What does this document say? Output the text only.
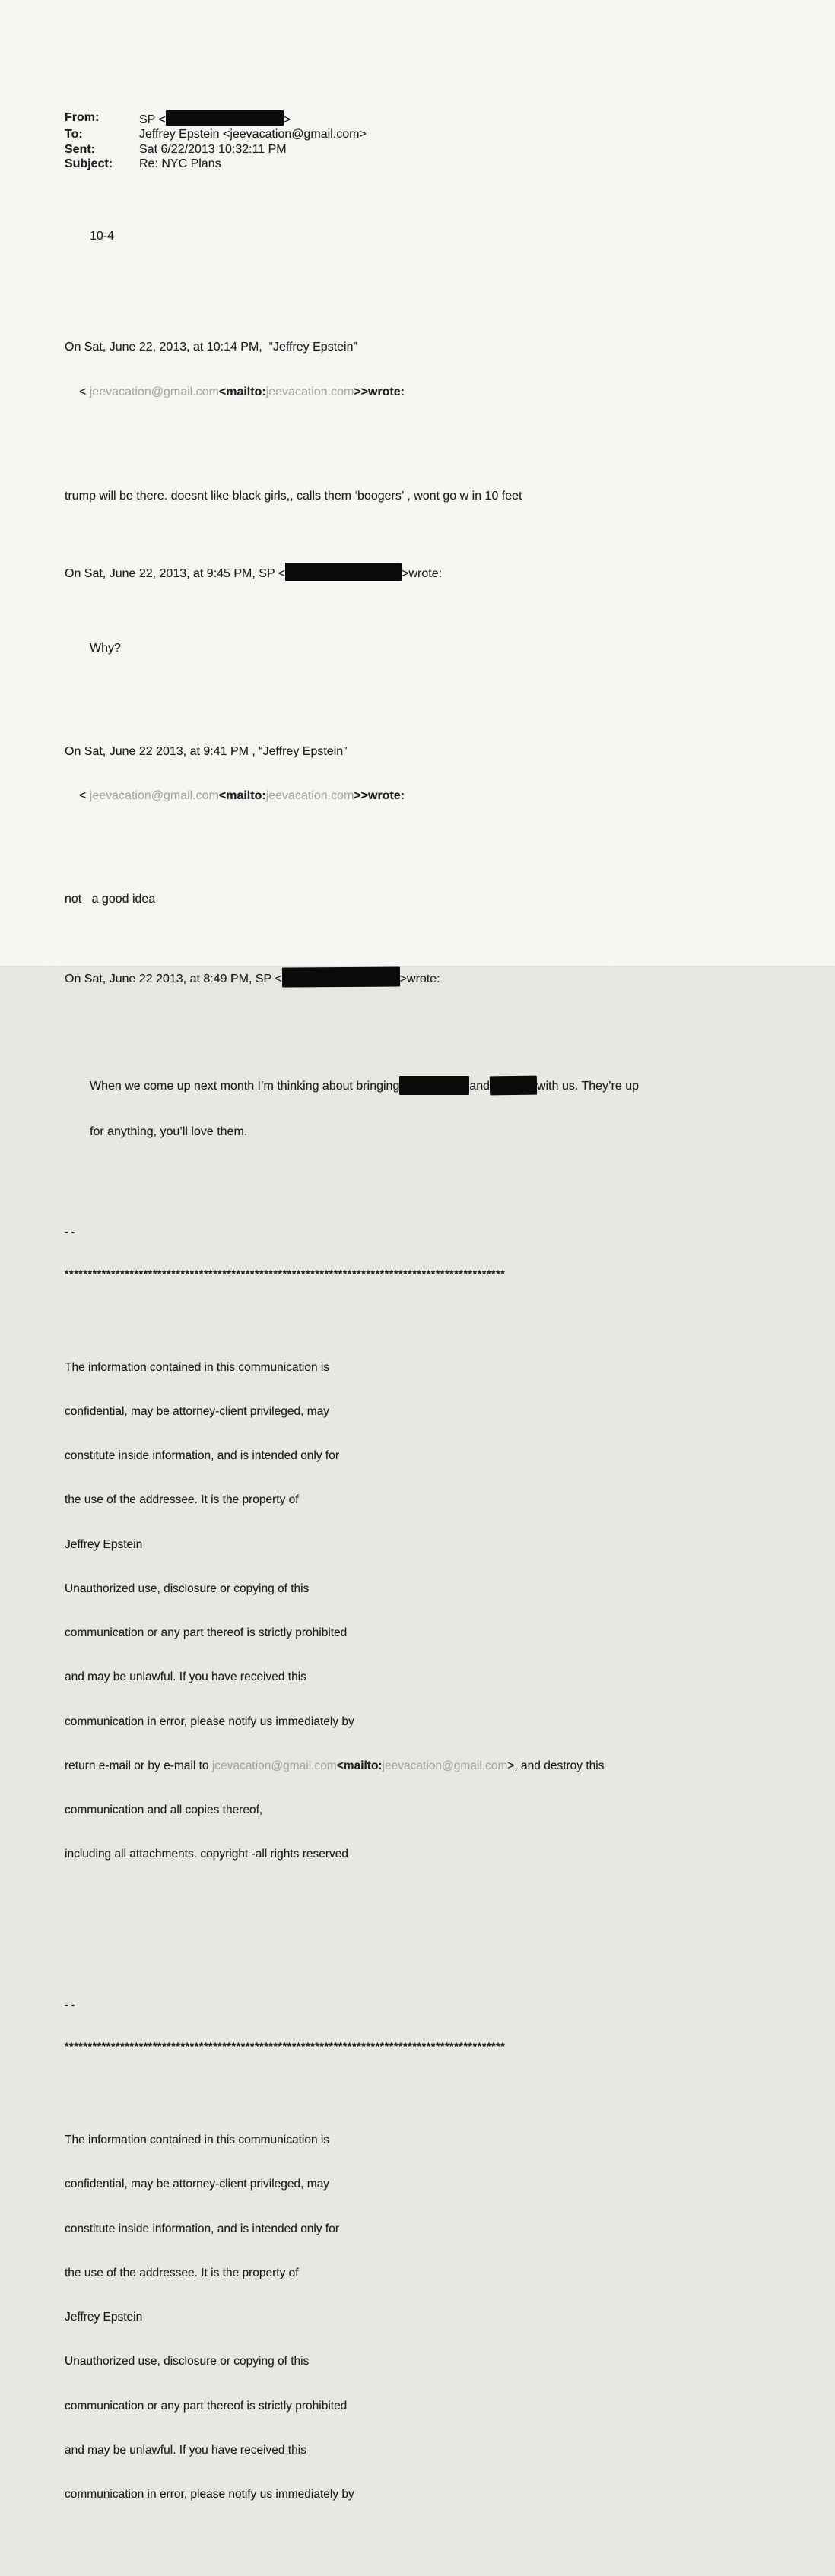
From:	SP <	>
To:	Jeffrey Epstein <jeevacation@gmail.com>
Sent:	Sat 6/22/2013 10:32:11 PM
Subject:	Re: NYC Plans

10-4

On Sat, June 22, 2013, at 10:14 PM,  “Jeffrey Epstein”

< jeevacation@gmail.com<mailto:jeevacation.com>>wrote:

trump will be there. doesnt like black girls,, calls them ‘boogers’ , wont go w in 10 feet

On Sat, June 22, 2013, at 9:45 PM, SP <	>wrote:

Why?

On Sat, June 22 2013, at 9:41 PM , “Jeffrey Epstein”

< jeevacation@gmail.com<mailto:jeevacation.com>>wrote:

not   a good idea

On Sat, June 22 2013, at 8:49 PM, SP <	>wrote:

When we come up next month I’m thinking about bringing	and	with us. They’re up

for anything, you’ll love them.

- -

***********************************************************************************************

The information contained in this communication is

confidential, may be attorney-client privileged, may

constitute inside information, and is intended only for

the use of the addressee. It is the property of

Jeffrey Epstein

Unauthorized use, disclosure or copying of this

communication or any part thereof is strictly prohibited

and may be unlawful. If you have received this

communication in error, please notify us immediately by

return e-mail or by e-mail to jcevacation@gmail.com<mailto:jeevacation@gmail.com>, and destroy this

communication and all copies thereof,

including all attachments. copyright -all rights reserved

- -

***********************************************************************************************

The information contained in this communication is

confidential, may be attorney-client privileged, may

constitute inside information, and is intended only for

the use of the addressee. It is the property of

Jeffrey Epstein

Unauthorized use, disclosure or copying of this

communication or any part thereof is strictly prohibited

and may be unlawful. If you have received this

communication in error, please notify us immediately by
